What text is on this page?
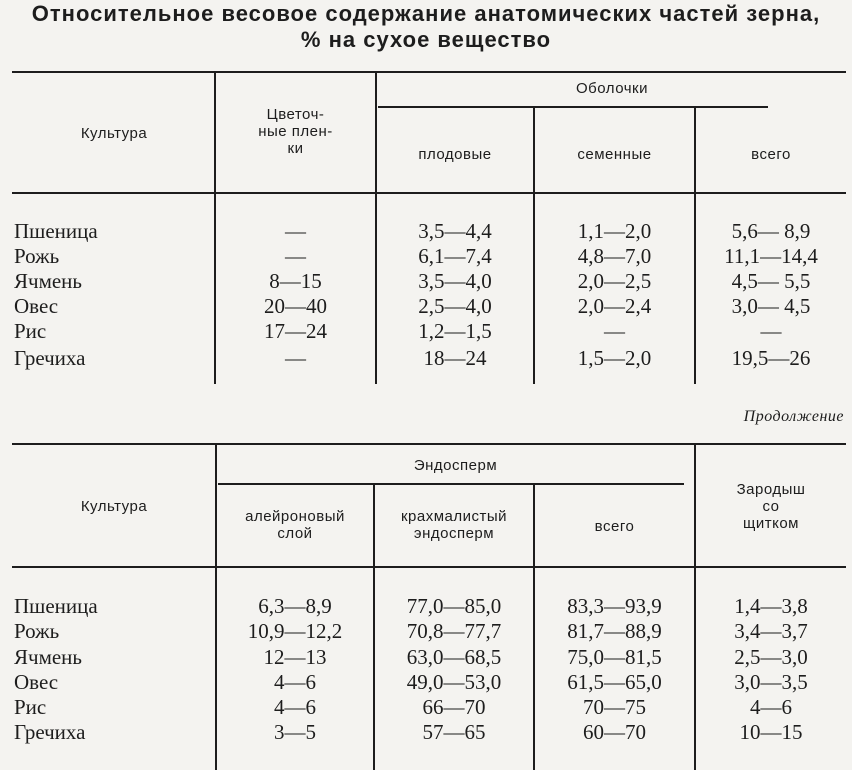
Относительное весовое содержание анатомических частей зерна,
% на сухое вещество
Культура
Цветоч-
ные плен-
ки
Оболочки
плодовые	семенные	всего
Пшеница	—	3,5—4,4	1,1—2,0	5,6— 8,9
Рожь	—	6,1—7,4	4,8—7,0	11,1—14,4
Ячмень	8—15	3,5—4,0	2,0—2,5	4,5— 5,5
Овес	20—40	2,5—4,0	2,0—2,4	3,0— 4,5
Рис	17—24	1,2—1,5	—	—
Гречиха	—	18—24	1,5—2,0	19,5—26
Продолжение
Культура
Эндосперм
алейроновый
слой
крахмалистый
эндосперм	всего
Зародыш
со
щитком
Пшеница	6,3—8,9	77,0—85,0	83,3—93,9	1,4—3,8
Рожь	10,9—12,2	70,8—77,7	81,7—88,9	3,4—3,7
Ячмень	12—13	63,0—68,5	75,0—81,5	2,5—3,0
Овес	4—6	49,0—53,0	61,5—65,0	3,0—3,5
Рис	4—6	66—70	70—75	4—6
Гречиха	3—5	57—65	60—70	10—15
